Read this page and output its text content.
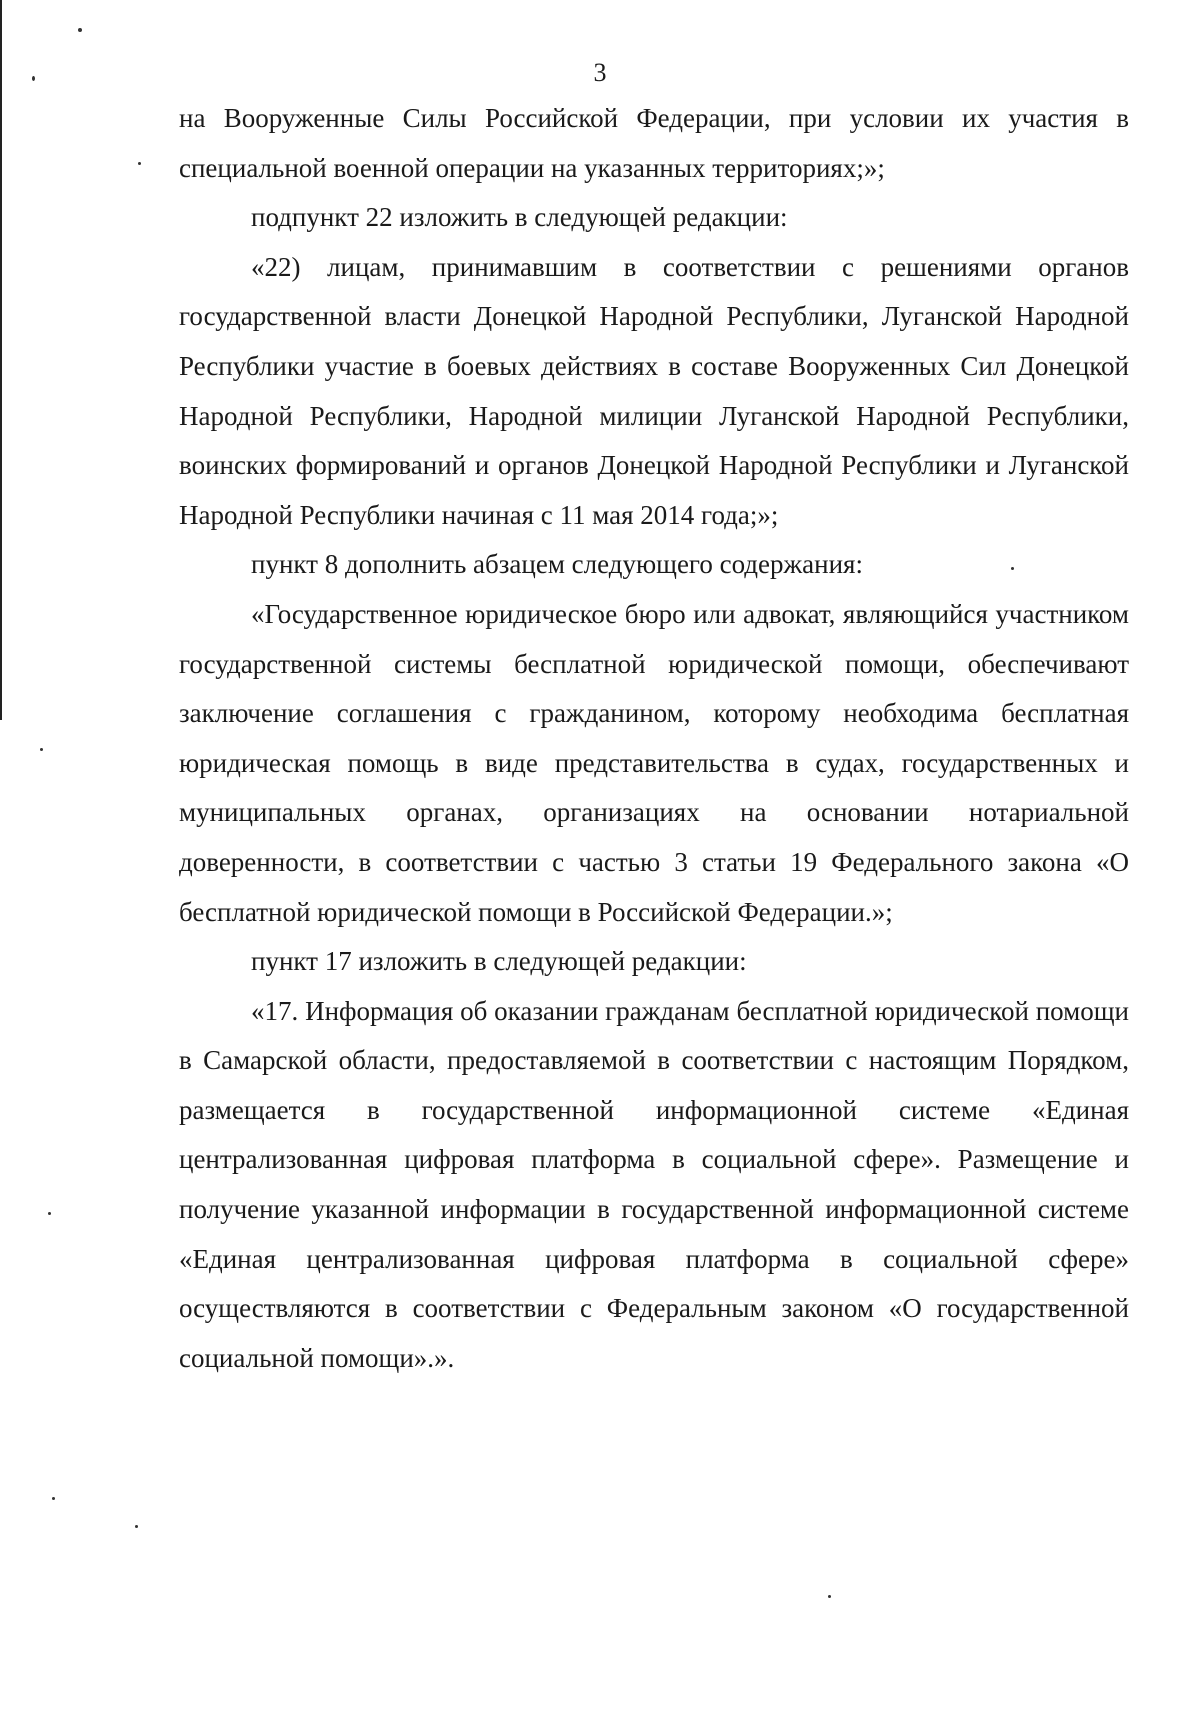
3

на Вооруженные Силы Российской Федерации, при условии их участия в специальной военной операции на указанных территориях;»;

подпункт 22 изложить в следующей редакции:

«22) лицам, принимавшим в соответствии с решениями органов государственной власти Донецкой Народной Республики, Луганской Народной Республики участие в боевых действиях в составе Вооруженных Сил Донецкой Народной Республики, Народной милиции Луганской Народной Республики, воинских формирований и органов Донецкой Народной Республики и Луганской Народной Республики начиная с 11 мая 2014 года;»;

пункт 8 дополнить абзацем следующего содержания:

«Государственное юридическое бюро или адвокат, являющийся участником государственной системы бесплатной юридической помощи, обеспечивают заключение соглашения с гражданином, которому необходима бесплатная юридическая помощь в виде представительства в судах, государственных и муниципальных органах, организациях на основании нотариальной доверенности, в соответствии с частью 3 статьи 19 Федерального закона «О бесплатной юридической помощи в Российской Федерации.»;

пункт 17 изложить в следующей редакции:

«17. Информация об оказании гражданам бесплатной юридической помощи в Самарской области, предоставляемой в соответствии с настоящим Порядком, размещается в государственной информационной системе «Единая централизованная цифровая платформа в социальной сфере». Размещение и получение указанной информации в государственной информационной системе «Единая централизованная цифровая платформа в социальной сфере» осуществляются в соответствии с Федеральным законом «О государственной социальной помощи».».
